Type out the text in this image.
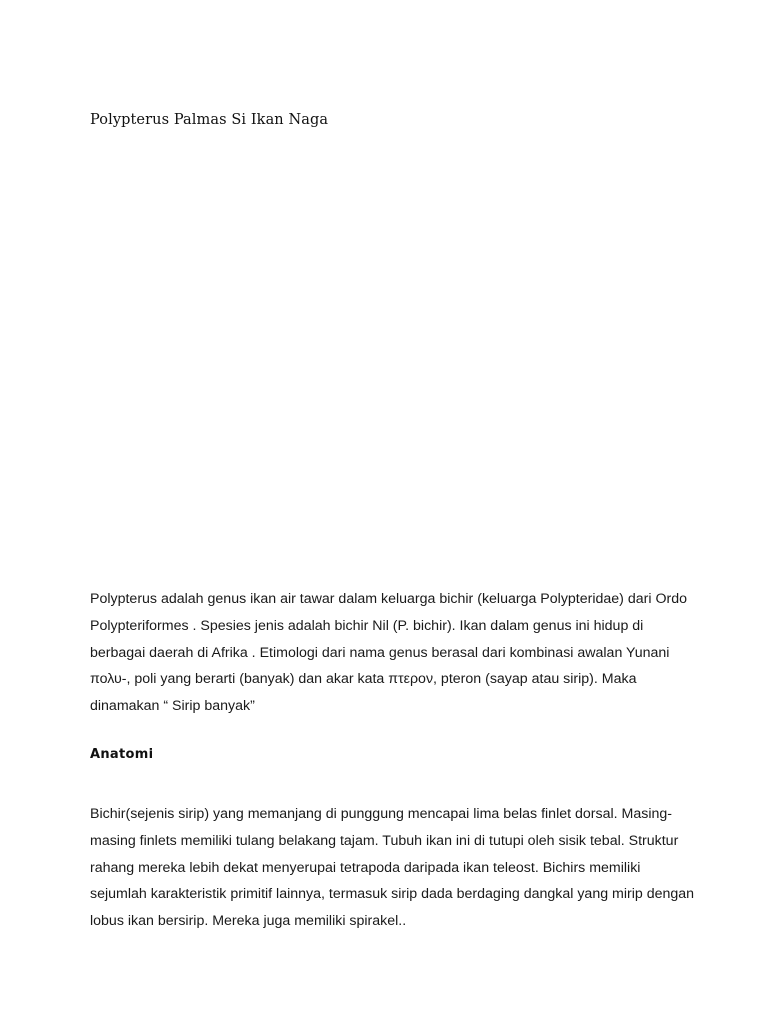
Polypterus Palmas Si Ikan Naga

Polypterus adalah genus ikan air tawar dalam keluarga bichir (keluarga Polypteridae) dari Ordo Polypteriformes . Spesies jenis adalah bichir Nil (P. bichir). Ikan dalam genus ini hidup di berbagai daerah di Afrika . Etimologi dari nama genus berasal dari kombinasi awalan Yunani πολυ-, poli yang berarti (banyak) dan akar kata πτερον, pteron (sayap atau sirip). Maka dinamakan “ Sirip banyak”

Anatomi

Bichir(sejenis sirip) yang memanjang di punggung mencapai lima belas finlet dorsal. Masing-masing finlets memiliki tulang belakang tajam. Tubuh ikan ini di tutupi oleh sisik tebal. Struktur rahang mereka lebih dekat menyerupai tetrapoda daripada ikan teleost. Bichirs memiliki sejumlah karakteristik primitif lainnya, termasuk sirip dada berdaging dangkal yang mirip dengan lobus ikan bersirip. Mereka juga memiliki spirakel..
